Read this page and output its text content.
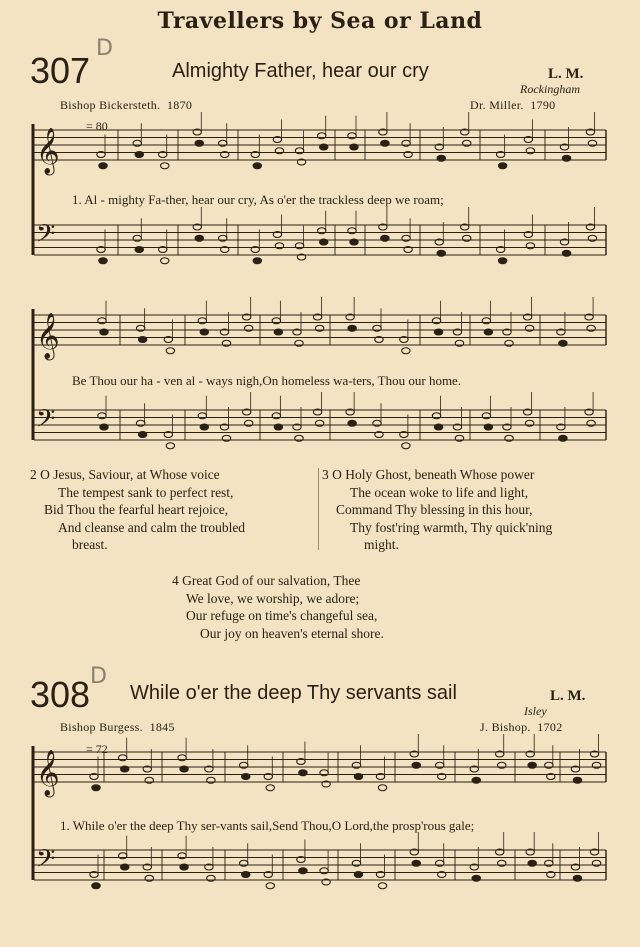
Travellers by Sea or Land
307
D
Almighty Father, hear our cry	L. M.
Rockingham
Bishop Bickersteth. 1870	Dr. Miller. 1790
= 80
𝄞
𝄢
𝄞
𝄢
𝄞
𝄢
1. Al - mighty Fa-ther, hear our cry, As o'er the trackless deep we roam;
Be Thou our ha - ven al - ways nigh,On homeless wa-ters, Thou our home.
2 O Jesus, Saviour, at Whose voice
The tempest sank to perfect rest,
Bid Thou the fearful heart rejoice,
And cleanse and calm the troubled
breast.
3 O Holy Ghost, beneath Whose power
The ocean woke to life and light,
Command Thy blessing in this hour,
Thy fost'ring warmth, Thy quick'ning
might.
4 Great God of our salvation, Thee
We love, we worship, we adore;
Our refuge on time's changeful sea,
Our joy on heaven's eternal shore.
308 D
While o'er the deep Thy servants sail	L. M.
Isley
Bishop Burgess. 1845	J. Bishop. 1702
= 72
1. While o'er the deep Thy ser-vants sail,Send Thou,O Lord,the prosp'rous gale;
